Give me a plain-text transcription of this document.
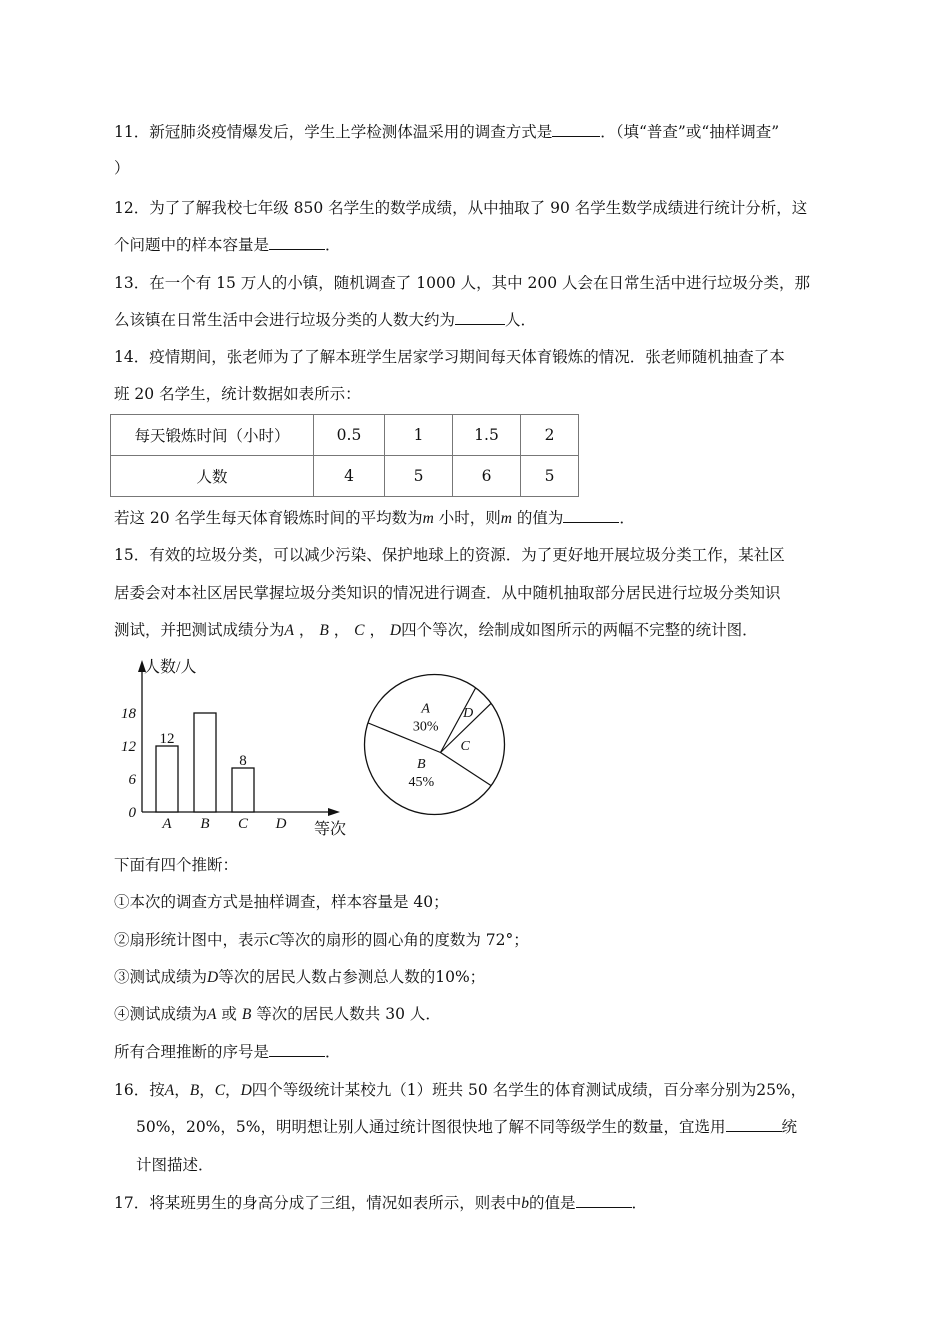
11．新冠肺炎疫情爆发后，学生上学检测体温采用的调查方式是	．（填“普查”或“抽样调查”
）
12．为了了解我校七年级 850 名学生的数学成绩，从中抽取了 90 名学生数学成绩进行统计分析，这
个问题中的样本容量是	．
13．在一个有 15 万人的小镇，随机调查了 1000 人，其中 200 人会在日常生活中进行垃圾分类，那
么该镇在日常生活中会进行垃圾分类的人数大约为	人．
14．疫情期间，张老师为了了解本班学生居家学习期间每天体育锻炼的情况．张老师随机抽查了本
班 20 名学生，统计数据如表所示：
每天锻炼时间（小时）	0.5	1	1.5	2
人数	4	5	6	5
若这 20 名学生每天体育锻炼时间的平均数为m 小时，则m 的值为	．
15．有效的垃圾分类，可以减少污染、保护地球上的资源．为了更好地开展垃圾分类工作，某社区
居委会对本社区居民掌握垃圾分类知识的情况进行调查．从中随机抽取部分居民进行垃圾分类知识
测试，并把测试成绩分为A ， B ， C ， D四个等次，绘制成如图所示的两幅不完整的统计图．
人数/人
等次
0
6
12
18
12
A B
8
C D
A
30%
D
C
B
45%
下面有四个推断：
①本次的调查方式是抽样调查，样本容量是 40；
②扇形统计图中，表示C等次的扇形的圆心角的度数为 72°；
③测试成绩为D等次的居民人数占参测总人数的10%；
④测试成绩为A 或 B 等次的居民人数共 30 人．
所有合理推断的序号是	．
16．按A，B，C，D四个等级统计某校九（1）班共 50 名学生的体育测试成绩，百分率分别为25%，
50%，20%，5%，明明想让别人通过统计图很快地了解不同等级学生的数量，宜选用	统
计图描述．
17．将某班男生的身高分成了三组，情况如表所示，则表中b的值是	．
